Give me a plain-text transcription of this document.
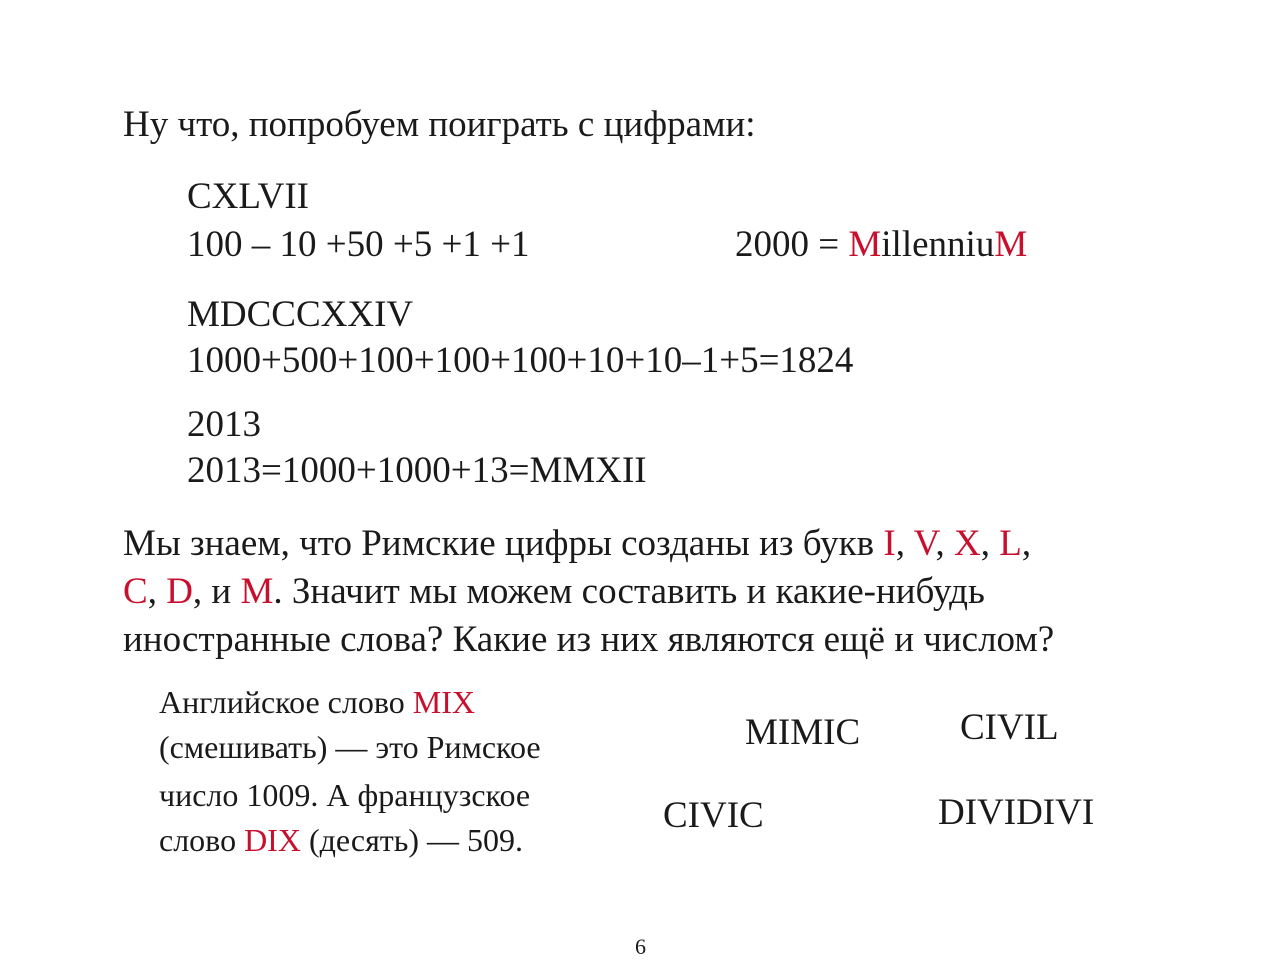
Ну что, попробуем поиграть с цифрами:
CXLVII
100 – 10 +50 +5 +1 +1
MDCCCXXIV
1000+500+100+100+100+10+10–1+5=1824
2013
2013=1000+1000+13=MMXII
2000 = MillenniuM
Мы знаем, что Римские цифры созданы из букв I, V, X, L,
C, D, и M. Значит мы можем составить и какие-нибудь
иностранные слова? Какие из них являются ещё и числом?
Английское слово MIX
(смешивать) — это Римское
число 1009. А французское
слово DIX (десять) — 509.
MIMIC	CIVIL
CIVIC	DIVIDIVI
6
